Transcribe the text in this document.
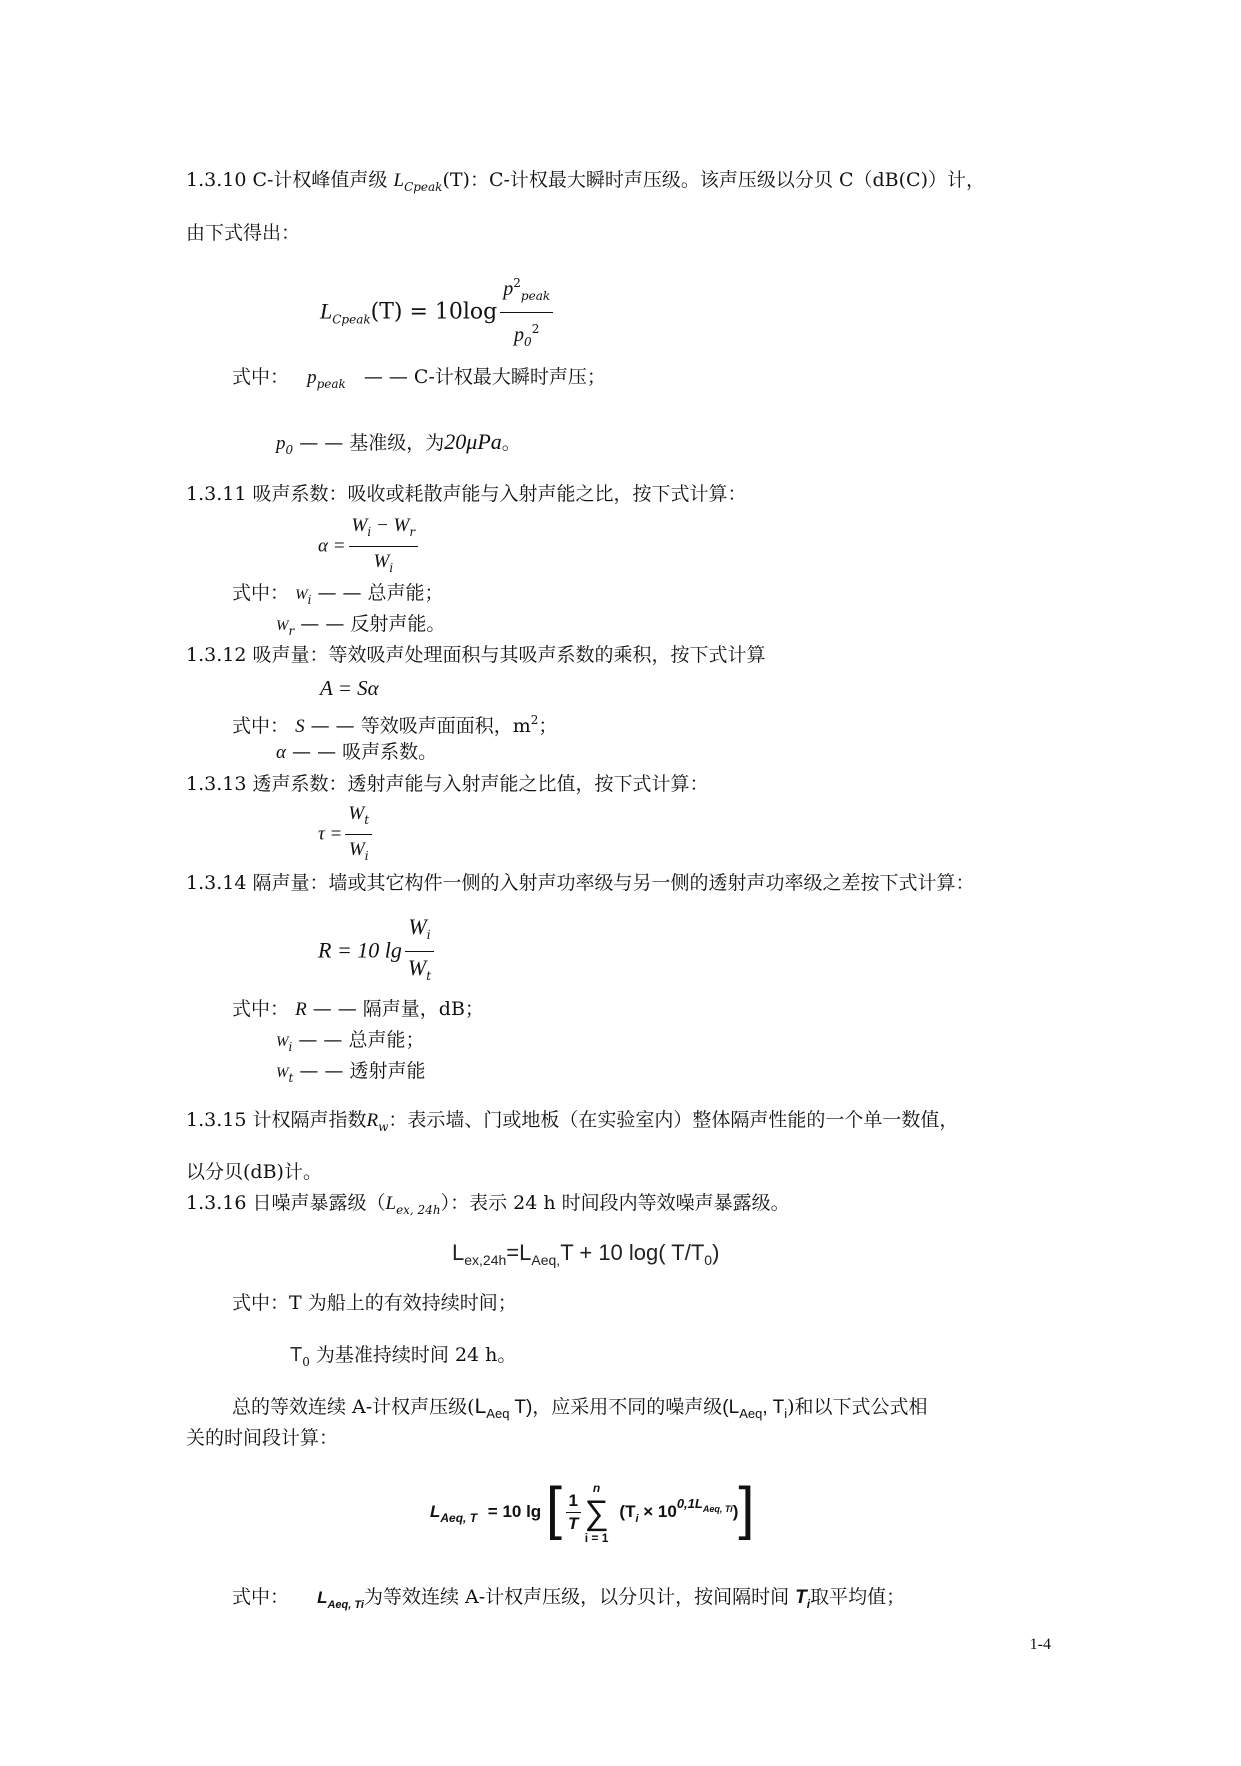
1.3.10 C-计权峰值声级 $L_{Cpeak}(T)$：C-计权最大瞬时声压级。该声压级以分贝 C（dB(C)）计，
由下式得出：
$L_{Cpeak}(T) = 10\log \frac{p^2_{peak}}{p_0^2}$
式中： $p_{peak}$ — — C-计权最大瞬时声压；
$p_0$ — — 基准级，为20μPa。
1.3.11 吸声系数：吸收或耗散声能与入射声能之比，按下式计算：
$\alpha = \frac{W_i - W_r}{W_i}$
式中： $W_i$ — — 总声能；
$W_r$ — — 反射声能。
1.3.12 吸声量：等效吸声处理面积与其吸声系数的乘积，按下式计算
A = Sα
式中： S — — 等效吸声面面积，$m^2$；
α — — 吸声系数。
1.3.13 透声系数：透射声能与入射声能之比值，按下式计算：
$\tau = \frac{W_t}{W_i}$
1.3.14 隔声量：墙或其它构件一侧的入射声功率级与另一侧的透射声功率级之差按下式计算：
R = 10 $\lg \frac{W_i}{W_t}$
式中： R — — 隔声量，dB；
$W_i$ — — 总声能；
$W_t$ — — 透射声能
1.3.15 计权隔声指数$R_w$：表示墙、门或地板（在实验室内）整体隔声性能的一个单一数值，
以分贝(dB)计。
1.3.16 日噪声暴露级$(L_{ex, 24h})$：表示 24 h 时间段内等效噪声暴露级。
$L_{ex,24h}=L_{Aeq,}T + 10$ log( $T/T_0$)
式中：T 为船上的有效持续时间；
$T_0$ 为基准持续时间 24 h。
总的等效连续 A-计权声压级($L_{Aeq}$ T)，应采用不同的噪声级($L_{Aeq}$, $T_i$)和以下式公式相
关的时间段计算：
$L_{Aeq, T} = 10$ lg [ $\frac{1}{T}$
n
∑
i = 1
$(T_i \times 10^{0,1LAeq, Ti})$]
式中： $L_{Aeq, Ti}$为等效连续 A-计权声压级，以分贝计，按间隔时间 $T_i$取平均值；
1-4
